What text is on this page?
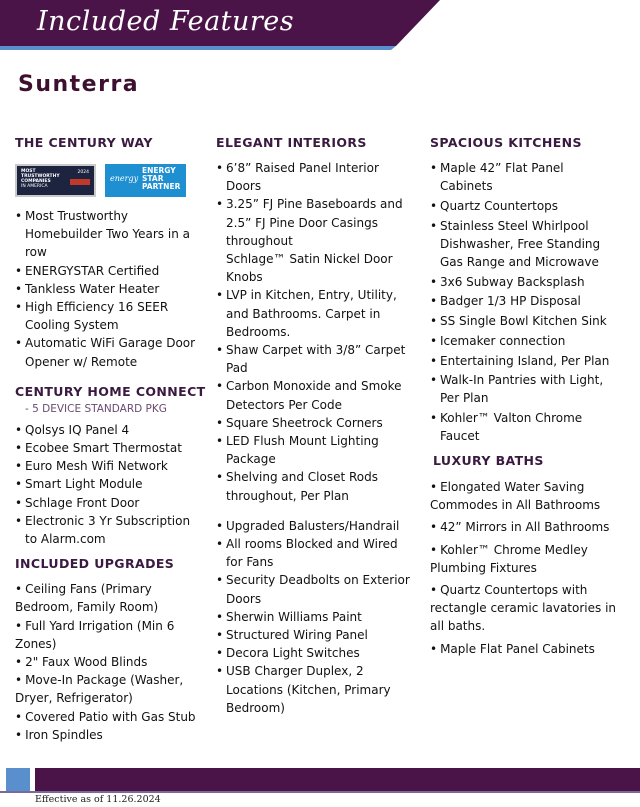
Included Features
Sunterra
THE CENTURY WAY
MOST
TRUSTWORTHY
COMPANIES
IN AMERICA
2024
energy
ENERGY
STAR
PARTNER
• Most Trustworthy Homebuilder Two Years in a row
• ENERGYSTAR Certified
• Tankless Water Heater
• High Efficiency 16 SEER Cooling System
• Automatic WiFi Garage Door Opener w/ Remote
CENTURY HOME CONNECT
- 5 DEVICE STANDARD PKG
• Qolsys IQ Panel 4
• Ecobee Smart Thermostat
• Euro Mesh Wifi Network
• Smart Light Module
• Schlage Front Door
• Electronic 3 Yr Subscription to Alarm.com
INCLUDED UPGRADES
• Ceiling Fans (Primary Bedroom, Family Room)
• Full Yard Irrigation (Min 6 Zones)
• 2" Faux Wood Blinds
• Move-In Package (Washer, Dryer, Refrigerator)
• Covered Patio with Gas Stub
• Iron Spindles
ELEGANT INTERIORS
• 6’8” Raised Panel Interior Doors
• 3.25” FJ Pine Baseboards and 2.5” FJ Pine Door Casings throughout
Schlage™ Satin Nickel Door Knobs
• LVP in Kitchen, Entry, Utility, and Bathrooms. Carpet in Bedrooms.
• Shaw Carpet with 3/8” Carpet Pad
• Carbon Monoxide and Smoke Detectors Per Code
• Square Sheetrock Corners
• LED Flush Mount Lighting Package
• Shelving and Closet Rods throughout, Per Plan
• Upgraded Balusters/Handrail
• All rooms Blocked and Wired for Fans
• Security Deadbolts on Exterior Doors
• Sherwin Williams Paint
• Structured Wiring Panel
• Decora Light Switches
• USB Charger Duplex, 2 Locations (Kitchen, Primary Bedroom)
SPACIOUS KITCHENS
• Maple 42” Flat Panel Cabinets
• Quartz Countertops
• Stainless Steel Whirlpool Dishwasher, Free Standing Gas Range and Microwave
• 3x6 Subway Backsplash
• Badger 1/3 HP Disposal
• SS Single Bowl Kitchen Sink
• Icemaker connection
• Entertaining Island, Per Plan
• Walk-In Pantries with Light, Per Plan
• Kohler™ Valton Chrome Faucet
LUXURY BATHS
• Elongated Water Saving Commodes in All Bathrooms
• 42” Mirrors in All Bathrooms
• Kohler™ Chrome Medley Plumbing Fixtures
• Quartz Countertops with rectangle ceramic lavatories in all baths.
• Maple Flat Panel Cabinets
Effective as of 11.26.2024
